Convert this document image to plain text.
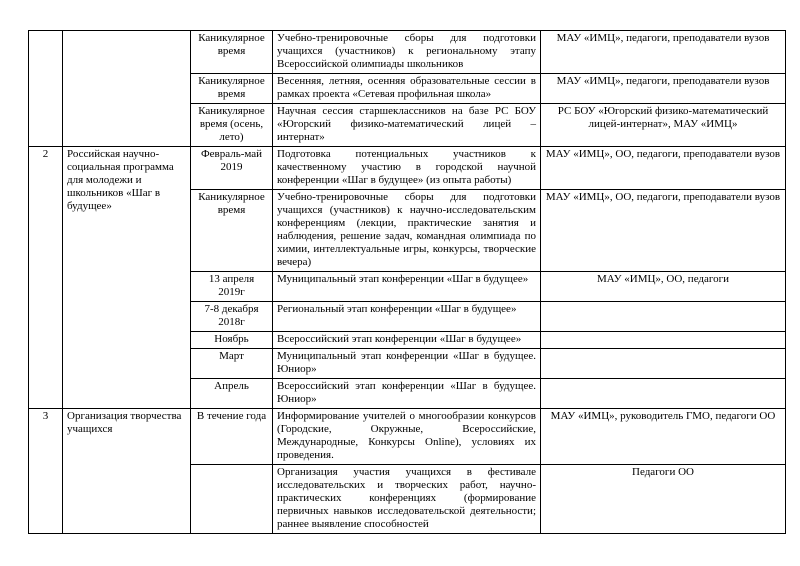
		Каникулярное время	Учебно-тренировочные сборы для подготовки учащихся (участников) к региональному этапу Всероссийской олимпиады школьников	МАУ «ИМЦ», педагоги, преподаватели вузов
		Каникулярное время	Весенняя, летняя, осенняя образовательные сессии в рамках проекта «Сетевая профильная школа»	МАУ «ИМЦ», педагоги, преподаватели вузов
		Каникулярное время (осень, лето)	Научная сессия старшеклассников на базе РС БОУ «Югорский физико-математический лицей – интернат»	РС БОУ «Югорский физико-математический лицей-интернат», МАУ «ИМЦ»
2	Российская научно-социальная программа для молодежи и школьников «Шаг в будущее»	Февраль-май 2019	Подготовка потенциальных участников к качественному участию в городской научной конференции «Шаг в будущее» (из опыта работы)	МАУ «ИМЦ», ОО, педагоги, преподаватели вузов
		Каникулярное время	Учебно-тренировочные сборы для подготовки учащихся (участников) к научно-исследовательским конференциям (лекции, практические занятия и наблюдения, решение задач, командная олимпиада по химии, интеллектуальные игры, конкурсы, творческие вечера)	МАУ «ИМЦ», ОО, педагоги, преподаватели вузов
		13 апреля 2019г	Муниципальный этап конференции «Шаг в будущее»	МАУ «ИМЦ», ОО, педагоги
		7-8 декабря 2018г	Региональный этап конференции «Шаг в будущее»	
		Ноябрь	Всероссийский этап конференции «Шаг в будущее»	
		Март	Муниципальный этап конференции «Шаг в будущее. Юниор»	
		Апрель	Всероссийский этап конференции «Шаг в будущее. Юниор»	
3	Организация творчества учащихся	В течение года	Информирование учителей о многообразии конкурсов (Городские, Окружные, Всероссийские, Международные, Конкурсы Online), условиях их проведения.	МАУ «ИМЦ», руководитель ГМО, педагоги ОО
			Организация участия учащихся в фестивале исследовательских и творческих работ, научно-практических конференциях (формирование первичных навыков исследовательской деятельности; раннее выявление способностей	Педагоги ОО
